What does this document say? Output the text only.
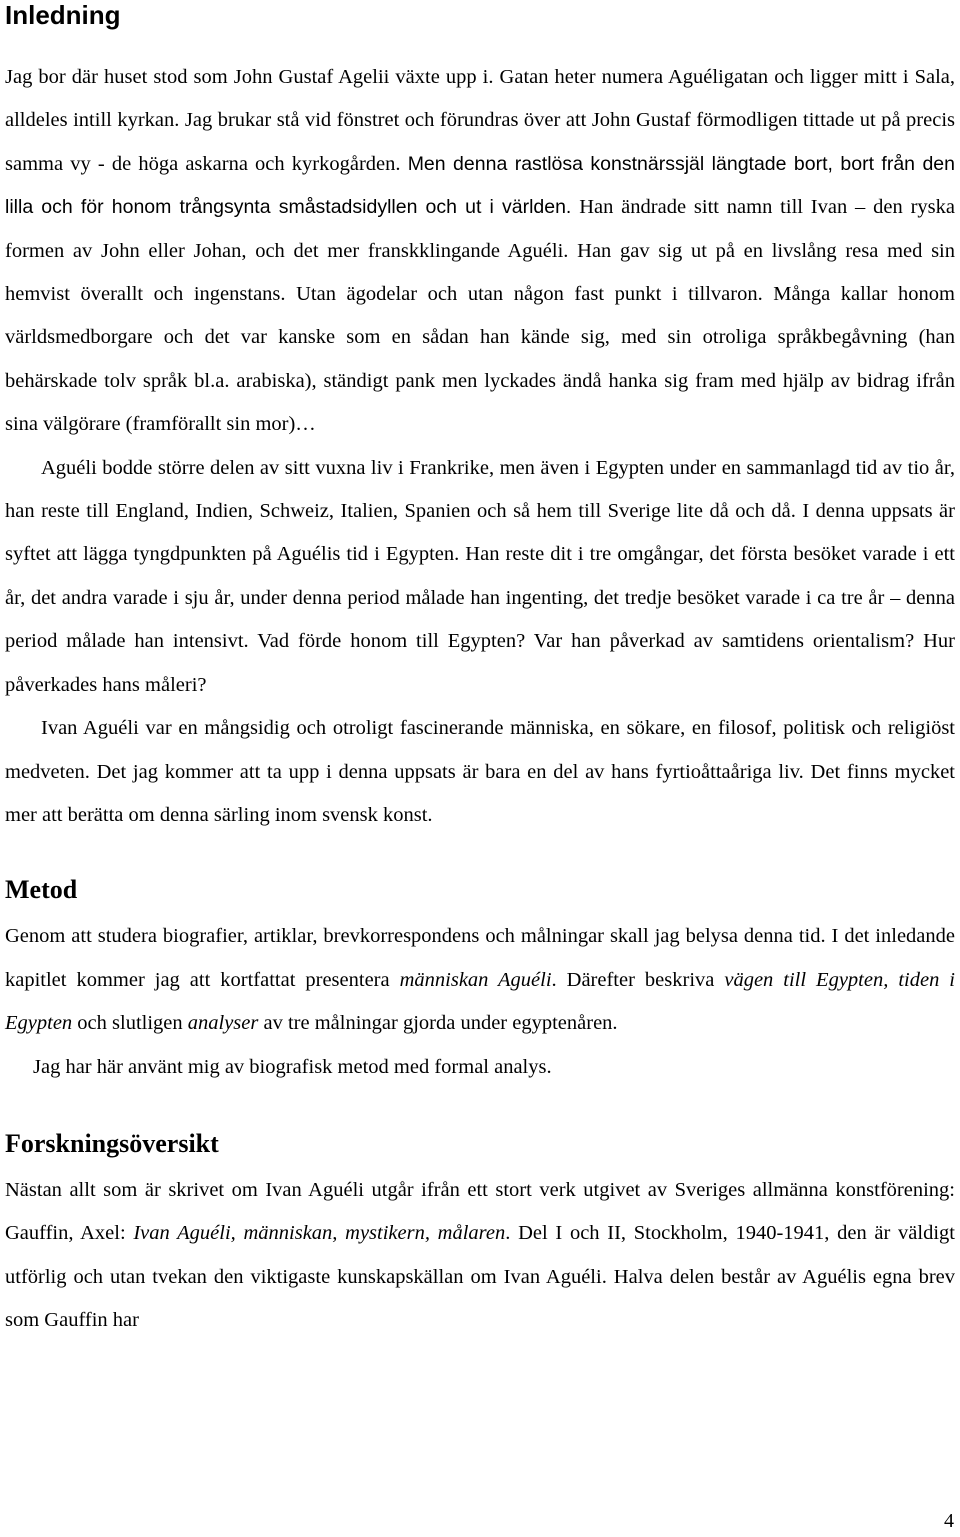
Inledning

Jag bor där huset stod som John Gustaf Agelii växte upp i. Gatan heter numera Aguéligatan och ligger mitt i Sala, alldeles intill kyrkan. Jag brukar stå vid fönstret och förundras över att John Gustaf förmodligen tittade ut på precis samma vy - de höga askarna och kyrkogården. Men denna rastlösa konstnärssjäl längtade bort, bort från den lilla och för honom trångsynta småstadsidyllen och ut i världen. Han ändrade sitt namn till Ivan – den ryska formen av John eller Johan, och det mer franskklingande Aguéli. Han gav sig ut på en livslång resa med sin hemvist överallt och ingenstans. Utan ägodelar och utan någon fast punkt i tillvaron. Många kallar honom världsmedborgare och det var kanske som en sådan han kände sig, med sin otroliga språkbegåvning (han behärskade tolv språk bl.a. arabiska), ständigt pank men lyckades ändå hanka sig fram med hjälp av bidrag ifrån sina välgörare (framförallt sin mor)…

Aguéli bodde större delen av sitt vuxna liv i Frankrike, men även i Egypten under en sammanlagd tid av tio år, han reste till England, Indien, Schweiz, Italien, Spanien och så hem till Sverige lite då och då. I denna uppsats är syftet att lägga tyngdpunkten på Aguélis tid i Egypten. Han reste dit i tre omgångar, det första besöket varade i ett år, det andra varade i sju år, under denna period målade han ingenting, det tredje besöket varade i ca tre år – denna period målade han intensivt. Vad förde honom till Egypten? Var han påverkad av samtidens orientalism? Hur påverkades hans måleri?

Ivan Aguéli var en mångsidig och otroligt fascinerande människa, en sökare, en filosof, politisk och religiöst medveten. Det jag kommer att ta upp i denna uppsats är bara en del av hans fyrtioåttaåriga liv. Det finns mycket mer att berätta om denna särling inom svensk konst.

Metod

Genom att studera biografier, artiklar, brevkorrespondens och målningar skall jag belysa denna tid. I det inledande kapitlet kommer jag att kortfattat presentera människan Aguéli. Därefter beskriva vägen till Egypten, tiden i Egypten och slutligen analyser av tre målningar gjorda under egyptenåren.

Jag har här använt mig av biografisk metod med formal analys.

Forskningsöversikt

Nästan allt som är skrivet om Ivan Aguéli utgår ifrån ett stort verk utgivet av Sveriges allmänna konstförening: Gauffin, Axel: Ivan Aguéli, människan, mystikern, målaren. Del I och II, Stockholm, 1940-1941, den är väldigt utförlig och utan tvekan den viktigaste kunskapskällan om Ivan Aguéli. Halva delen består av Aguélis egna brev som Gauffin har

4
